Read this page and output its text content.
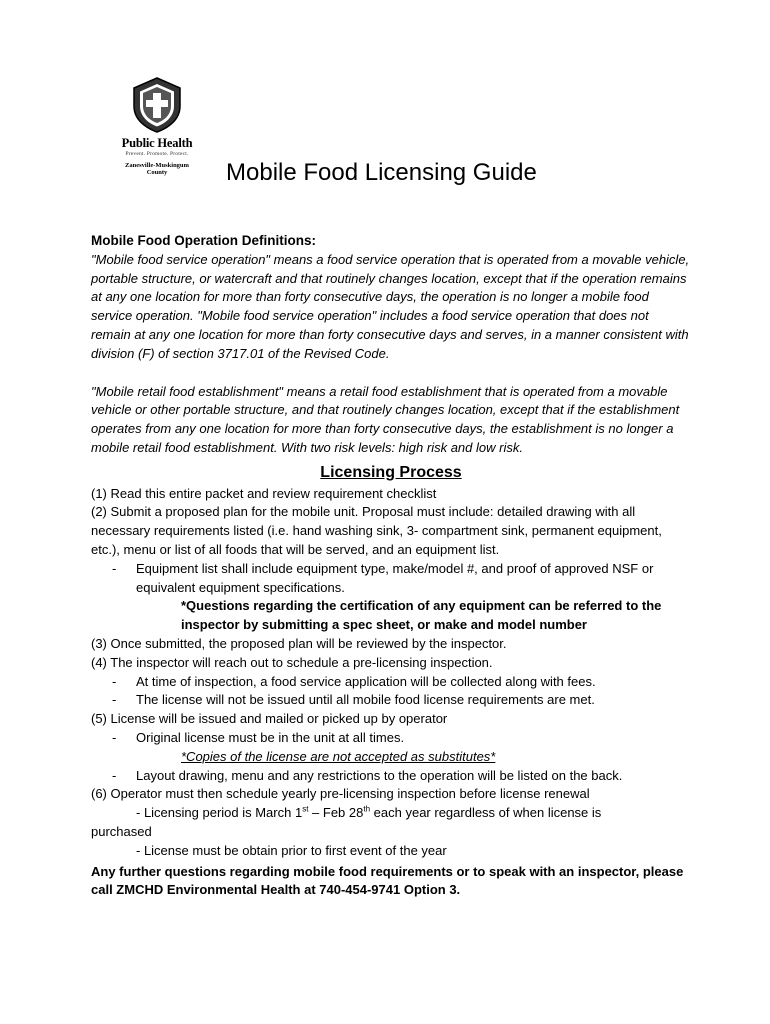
Public Health
Prevent. Promote. Protect.
Zanesville-Muskingum County	Mobile Food Licensing Guide

Mobile Food Operation Definitions:

"Mobile food service operation" means a food service operation that is operated from a movable vehicle, portable structure, or watercraft and that routinely changes location, except that if the operation remains at any one location for more than forty consecutive days, the operation is no longer a mobile food service operation. "Mobile food service operation" includes a food service operation that does not remain at any one location for more than forty consecutive days and serves, in a manner consistent with division (F) of section 3717.01 of the Revised Code.

"Mobile retail food establishment" means a retail food establishment that is operated from a movable vehicle or other portable structure, and that routinely changes location, except that if the establishment operates from any one location for more than forty consecutive days, the establishment is no longer a mobile retail food establishment. With two risk levels: high risk and low risk.

Licensing Process

(1) Read this entire packet and review requirement checklist

(2) Submit a proposed plan for the mobile unit. Proposal must include: detailed drawing with all necessary requirements listed (i.e. hand washing sink, 3- compartment sink, permanent equipment, etc.), menu or list of all foods that will be served, and an equipment list.

-	Equipment list shall include equipment type, make/model #, and proof of approved NSF or equivalent equipment specifications.

*Questions regarding the certification of any equipment can be referred to the inspector by submitting a spec sheet, or make and model number

(3) Once submitted, the proposed plan will be reviewed by the inspector.

(4) The inspector will reach out to schedule a pre-licensing inspection.

-	At time of inspection, a food service application will be collected along with fees.
-	The license will not be issued until all mobile food license requirements are met.

(5) License will be issued and mailed or picked up by operator

-	Original license must be in the unit at all times.

*Copies of the license are not accepted as substitutes*

-	Layout drawing, menu and any restrictions to the operation will be listed on the back.

(6) Operator must then schedule yearly pre-licensing inspection before license renewal

- Licensing period is March 1st – Feb 28th each year regardless of when license is

purchased

- License must be obtain prior to first event of the year

Any further questions regarding mobile food requirements or to speak with an inspector, please call ZMCHD Environmental Health at 740-454-9741 Option 3.
